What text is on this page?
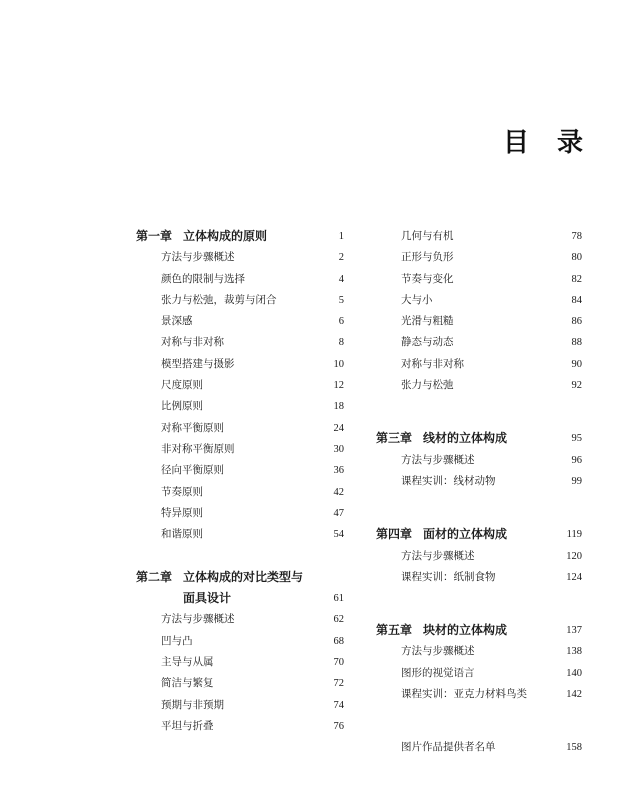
目 录
第一章 立体构成的原则	1
方法与步骤概述	2
颜色的限制与选择	4
张力与松弛，裁剪与闭合	5
景深感	6
对称与非对称	8
模型搭建与摄影	10
尺度原则	12
比例原则	18
对称平衡原则	24
非对称平衡原则	30
径向平衡原则	36
节奏原则	42
特异原则	47
和谐原则	54
第二章 立体构成的对比类型与
面具设计	61
方法与步骤概述	62
凹与凸	68
主导与从属	70
简洁与繁复	72
预期与非预期	74
平坦与折叠	76
几何与有机	78
正形与负形	80
节奏与变化	82
大与小	84
光滑与粗糙	86
静态与动态	88
对称与非对称	90
张力与松弛	92
第三章 线材的立体构成	95
方法与步骤概述	96
课程实训：线材动物	99
第四章 面材的立体构成	119
方法与步骤概述	120
课程实训：纸制食物	124
第五章 块材的立体构成	137
方法与步骤概述	138
图形的视觉语言	140
课程实训：亚克力材料鸟类	142
图片作品提供者名单	158
